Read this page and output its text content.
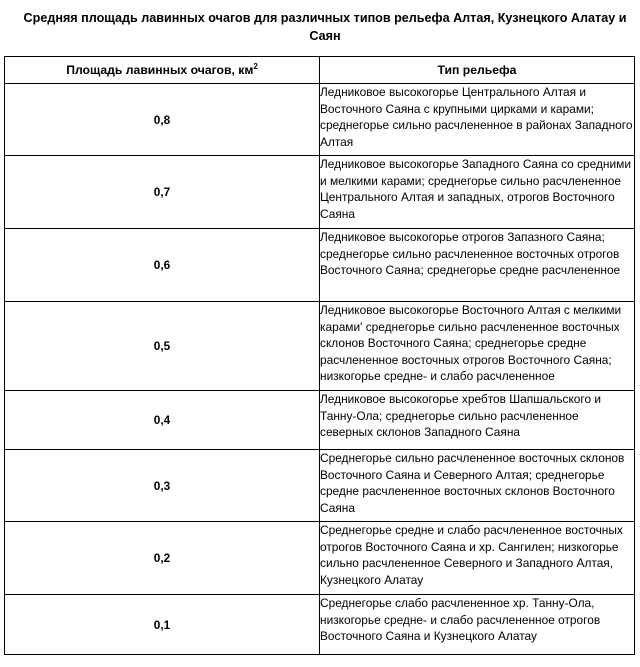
Средняя площадь лавинных очагов для различных типов рельефа Алтая, Кузнецкого Алатау и Саян
Площадь лавинных очагов, $км^2$	Тип рельефа
0,8	Ледниковое высокогорье Центрального Алтая и Восточного Саяна с крупными цирками и карами; среднегорье сильно расчлененное в районах Западного Алтая
0,7	Ледниковое высокогорье Западного Саяна со средними и мелкими карами; среднегорье сильно расчлененное Центрального Алтая и западных, отрогов Восточного Саяна
0,6	Ледниковое высокогорье отрогов Запазного Саяна; среднегорье сильно расчлененное восточных отрогов Восточного Саяна; среднегорье средне расчлененное
0,5	Ледниковое высокогорье Восточного Алтая с мелкими карами' среднегорье сильно расчлененное восточных склонов Восточного Саяна; среднегорье средне расчлененное восточных отрогов Восточного Саяна; низкогорье средне- и слабо расчлененное
0,4	Ледниковое высокогорье хребтов Шапшальского и Танну-Ола; среднегорье сильно расчлененное северных склонов Западного Саяна
0,3	Среднегорье сильно расчлененное восточных склонов Восточного Саяна и Северного Алтая; среднегорье средне расчлененное восточных склонов Восточного Саяна
0,2	Среднегорье средне и слабо расчлененное восточных отрогов Восточного Саяна и хр. Сангилен; низкогорье сильно расчлененное Северного и Западного Алтая, Кузнецкого Алатау
0,1	Среднегорье слабо расчлененное хр. Танну-Ола, низкогорье средне- и слабо расчлененное отрогов Восточного Саяна и Кузнецкого Алатау
